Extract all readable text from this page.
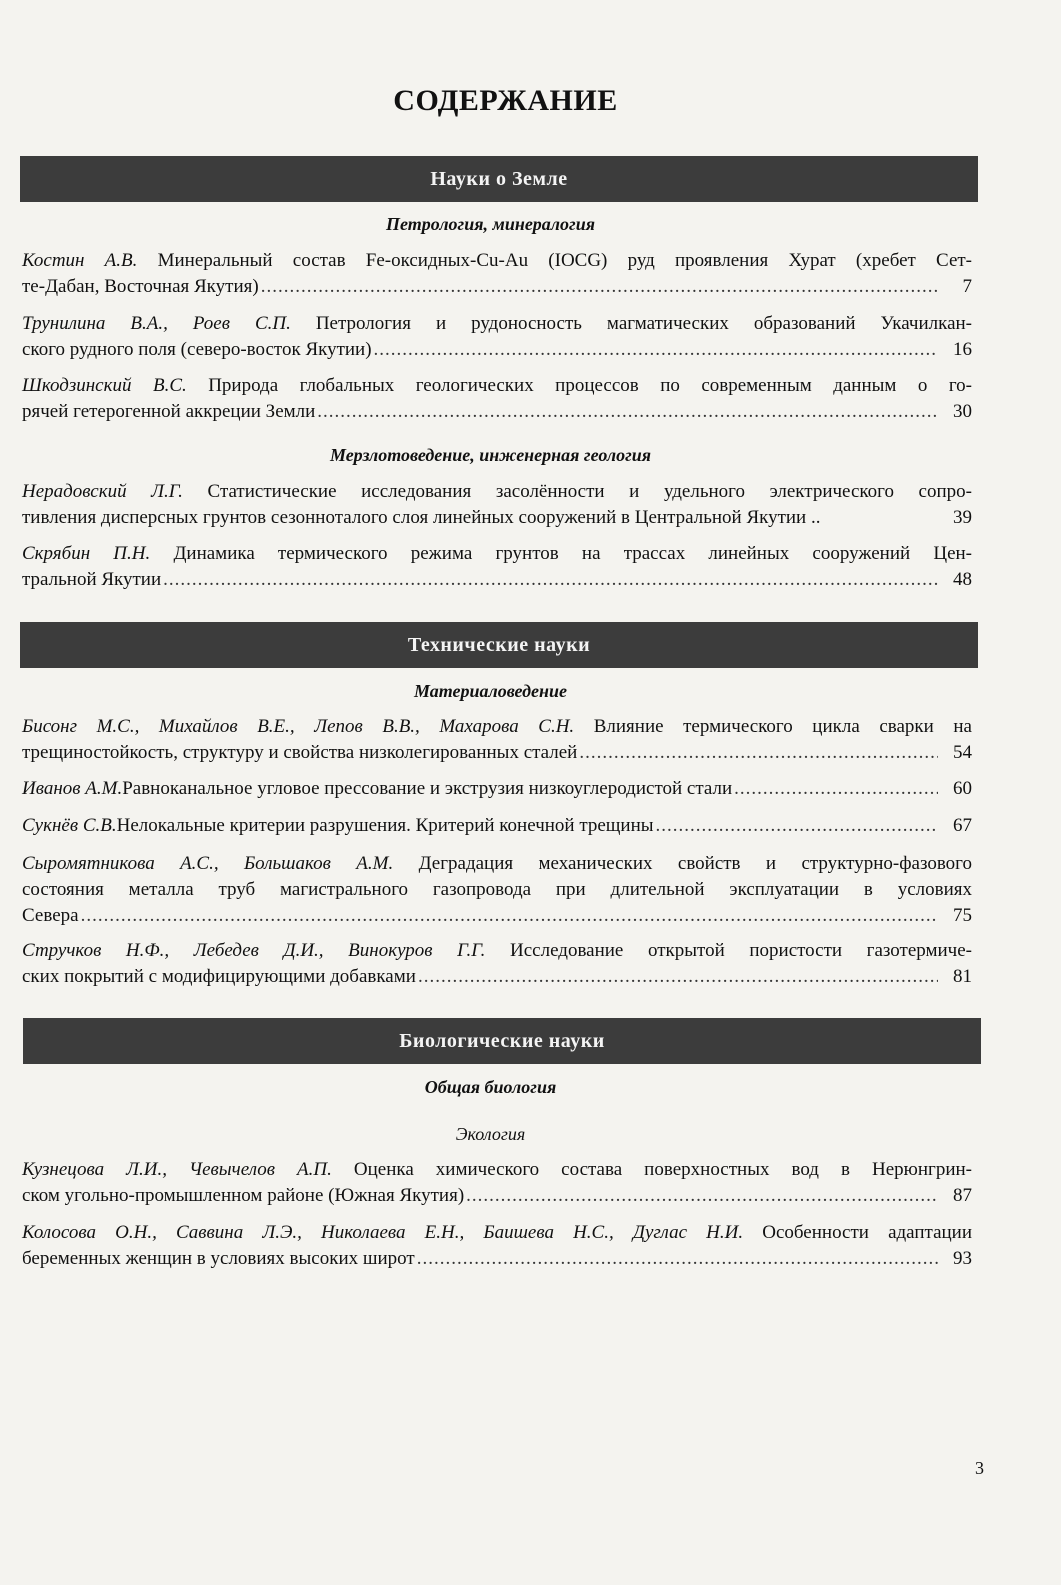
СОДЕРЖАНИЕ
Науки о Земле
Петрология, минералогия
Костин А.В. Минеральный состав Fe-оксидных-Cu-Au (IOCG) руд проявления Хурат (хребет Сет-
те-Дабан, Восточная Якутия) .....	7
Трунилина В.А., Роев С.П. Петрология и рудоносность магматических образований Укачилкан-
ского рудного поля (северо-восток Якутии) .....	16
Шкодзинский В.С. Природа глобальных геологических процессов по современным данным о го-
рячей гетерогенной аккреции Земли .....	30
Мерзлотоведение, инженерная геология
Нерадовский Л.Г. Статистические исследования засолённости и удельного электрического сопро-
тивления дисперсных грунтов сезонноталого слоя линейных сооружений в Центральной Якутии ..	39
Скрябин П.Н. Динамика термического режима грунтов на трассах линейных сооружений Цен-
тральной Якутии .....	48
Технические науки
Материаловедение
Бисонг М.С., Михайлов В.Е., Лепов В.В., Махарова С.Н. Влияние термического цикла сварки на
трещиностойкость, структуру и свойства низколегированных сталей .....	54
Иванов А.М. Равноканальное угловое прессование и экструзия низкоуглеродистой стали .....	60
Сукнёв С.В. Нелокальные критерии разрушения. Критерий конечной трещины .....	67
Сыромятникова А.С., Большаков А.М. Деградация механических свойств и структурно-фазового
состояния металла труб магистрального газопровода при длительной эксплуатации в условиях
Севера .....	75
Стручков Н.Ф., Лебедев Д.И., Винокуров Г.Г. Исследование открытой пористости газотермиче-
ских покрытий с модифицирующими добавками .....	81
Биологические науки
Общая биология
Экология
Кузнецова Л.И., Чевычелов А.П. Оценка химического состава поверхностных вод в Нерюнгрин-
ском угольно-промышленном районе (Южная Якутия) .....	87
Колосова О.Н., Саввина Л.Э., Николаева Е.Н., Баишева Н.С., Дуглас Н.И. Особенности адаптации
беременных женщин в условиях высоких широт .....	93
3
